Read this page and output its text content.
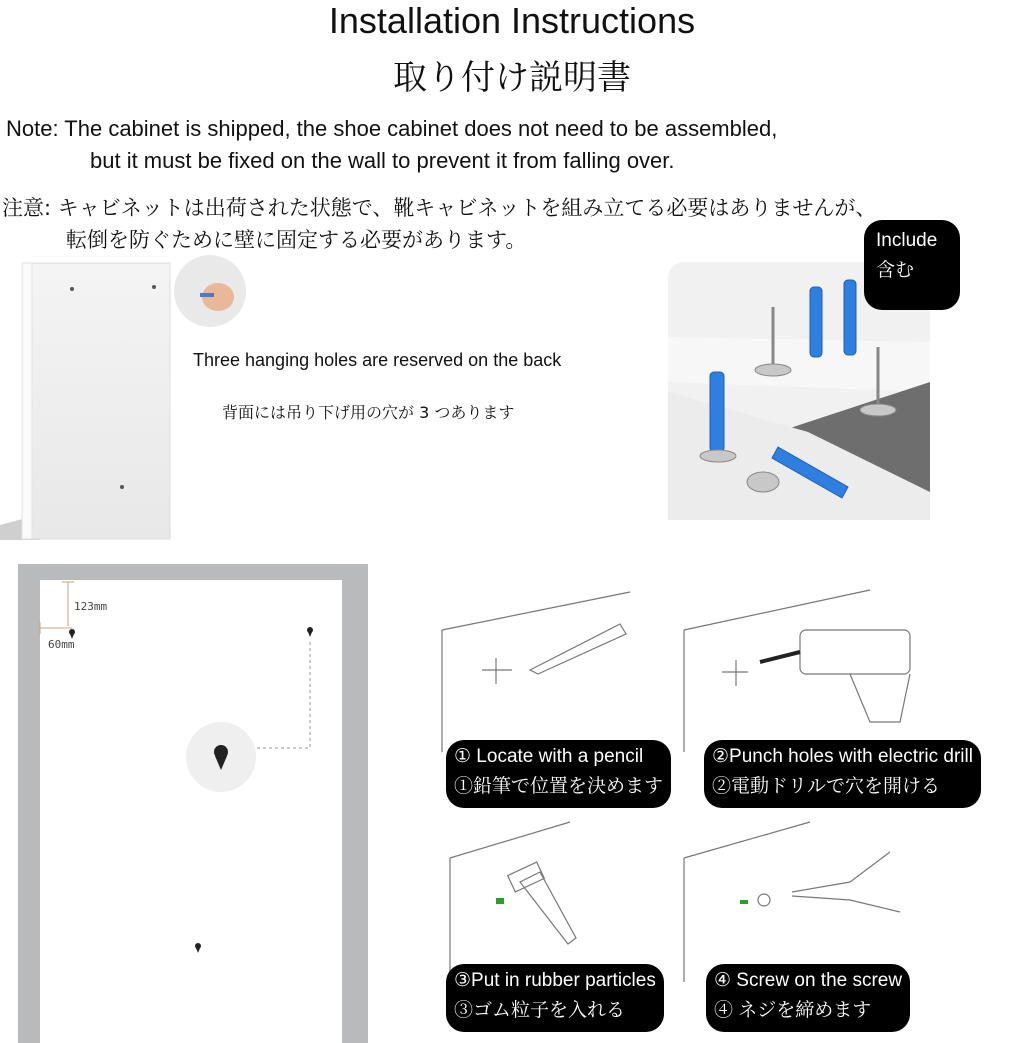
Installation Instructions
取り付け説明書
Note: The cabinet is shipped, the shoe cabinet does not need to be assembled,
but it must be fixed on the wall to prevent it from falling over.
注意: キャビネットは出荷された状態で、靴キャビネットを組み立てる必要はありませんが、
転倒を防ぐために壁に固定する必要があります。
Three hanging holes are reserved on the back
背面には吊り下げ用の穴が 3 つあります
Include
含む
123mm
60mm
① Locate with a pencil
①鉛筆で位置を決めます
②Punch holes with electric drill
②電動ドリルで穴を開ける
③Put in rubber particles
③ゴム粒子を入れる
④ Screw on the screw
④ ネジを締めます
